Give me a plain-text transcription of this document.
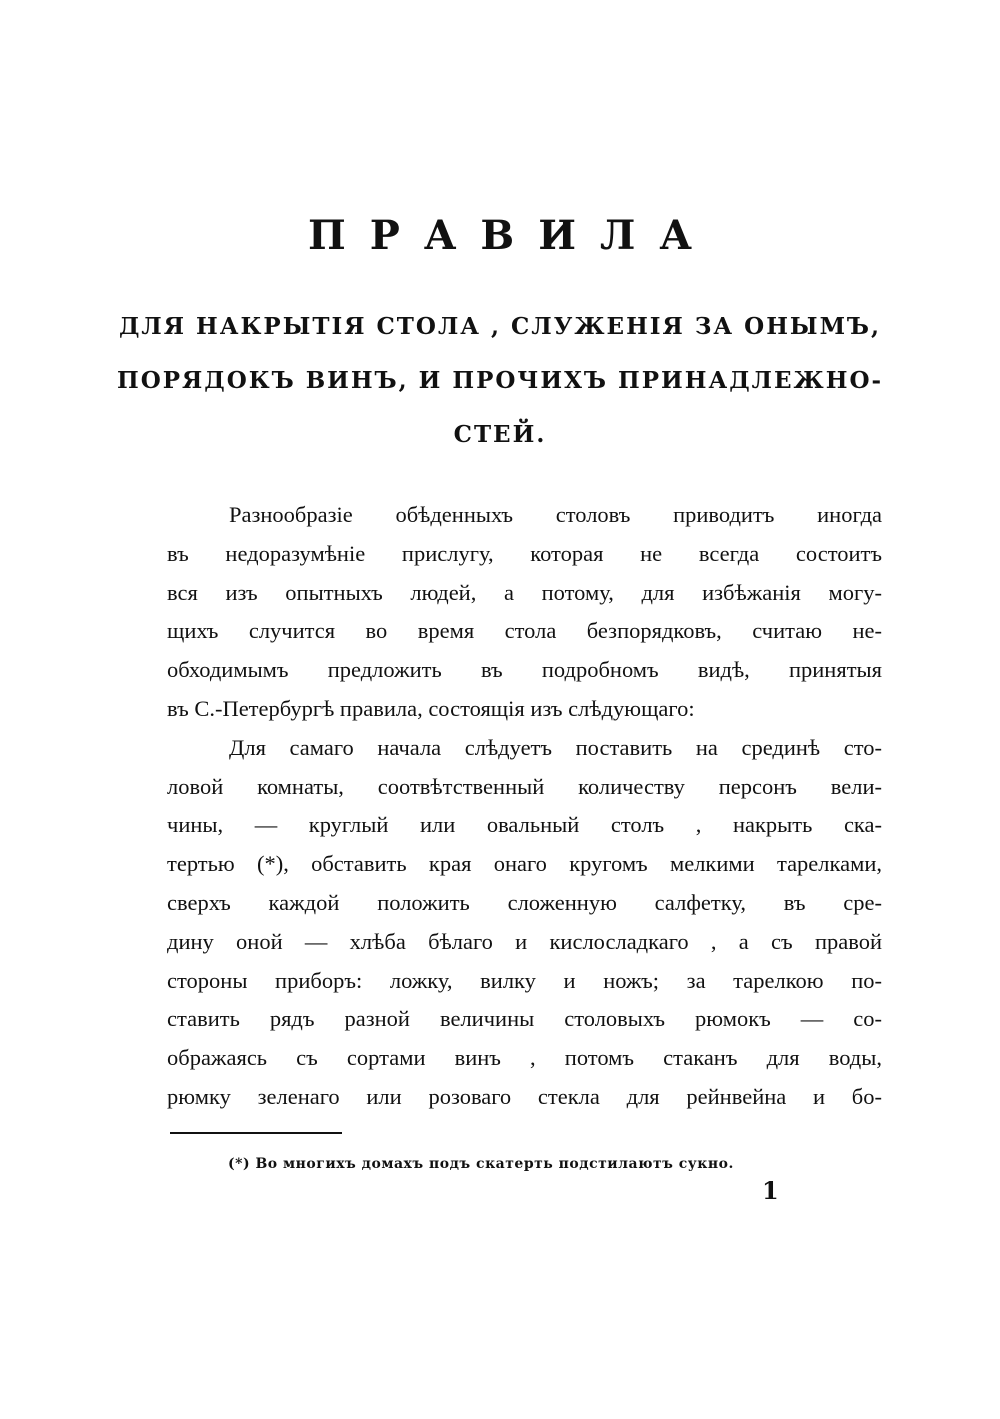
ПРАВИЛА
ДЛЯ НАКРЫТІЯ СТОЛА , СЛУЖЕНІЯ ЗА ОНЫМЪ,
ПОРЯДОКЪ ВИНЪ, И ПРОЧИХЪ ПРИНАДЛЕЖНО-
СТЕЙ.
Разнообразіе обѣденныхъ столовъ приводитъ иногда
въ недоразумѣніе прислугу, которая не всегда состоитъ
вся изъ опытныхъ людей, а потому, для избѣжанія могу-
щихъ случится во время стола безпорядковъ, считаю не-
обходимымъ предложить въ подробномъ видѣ, принятыя
въ С.-Петербургѣ правила, состоящія изъ слѣдующаго:
Для самаго начала слѣдуетъ поставить на срединѣ сто-
ловой комнаты, соотвѣтственный количеству персонъ вели-
чины, — круглый или овальный столъ , накрыть ска-
тертью (*), обставить края онаго кругомъ мелкими тарелками,
сверхъ каждой положить сложенную салфетку, въ сре-
дину оной — хлѣба бѣлаго и кислосладкаго , а съ правой
стороны приборъ: ложку, вилку и ножъ; за тарелкою по-
ставить рядъ разной величины столовыхъ рюмокъ — со-
ображаясь съ сортами винъ , потомъ стаканъ для воды,
рюмку зеленаго или розоваго стекла для рейнвейна и бо-
(*) Во многихъ домахъ подъ скатерть подстилаютъ сукно.
1
